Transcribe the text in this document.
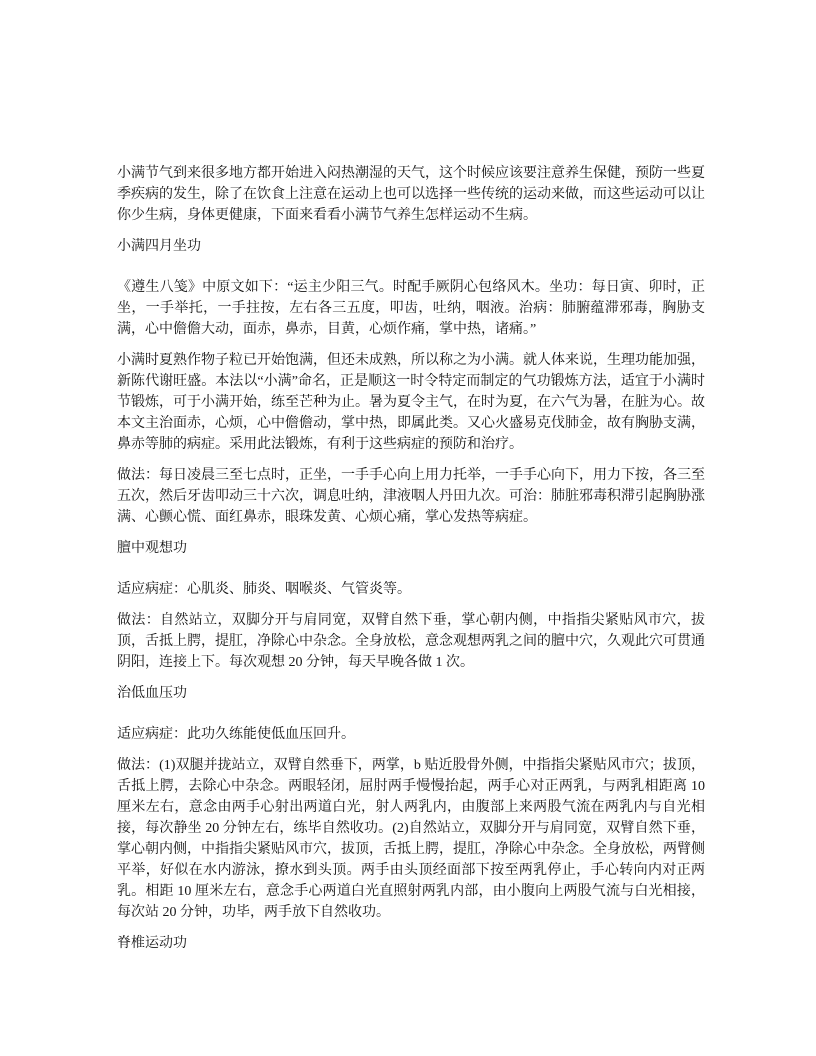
小满节气到来很多地方都开始进入闷热潮湿的天气，这个时候应该要注意养生保健，预防一些夏季疾病的发生，除了在饮食上注意在运动上也可以选择一些传统的运动来做，而这些运动可以让你少生病，身体更健康，下面来看看小满节气养生怎样运动不生病。

小满四月坐功

《遵生八笺》中原文如下：“运主少阳三气。时配手厥阴心包络风木。坐功：每日寅、卯时，正坐，一手举托，一手拄按，左右各三五度，叩齿，吐纳，咽液。治病：肺腑蕴滞邪毒，胸胁支满，心中儋儋大动，面赤，鼻赤，目黄，心烦作痛，掌中热，诸痛。”

小满时夏熟作物子粒已开始饱满，但还未成熟，所以称之为小满。就人体来说，生理功能加强，新陈代谢旺盛。本法以“小满”命名，正是顺这一时令特定而制定的气功锻炼方法，适宜于小满时节锻炼，可于小满开始，练至芒种为止。暑为夏令主气，在时为夏，在六气为暑，在脏为心。故本文主治面赤，心烦，心中儋儋动，掌中热，即属此类。又心火盛易克伐肺金，故有胸胁支满，鼻赤等肺的病症。采用此法锻炼，有利于这些病症的预防和治疗。

做法：每日凌晨三至七点时，正坐，一手手心向上用力托举，一手手心向下，用力下按，各三至五次，然后牙齿叩动三十六次，调息吐纳，津液咽人丹田九次。可治：肺脏邪毒积滞引起胸胁涨满、心颤心慌、面红鼻赤，眼珠发黄、心烦心痛，掌心发热等病症。

膻中观想功

适应病症：心肌炎、肺炎、咽喉炎、气管炎等。

做法：自然站立，双脚分开与肩同宽，双臂自然下垂，掌心朝内侧，中指指尖紧贴风市穴，拔顶，舌抵上腭，提肛，净除心中杂念。全身放松，意念观想两乳之间的膻中穴，久观此穴可贯通阴阳，连接上下。每次观想 20 分钟，每天早晚各做 1 次。

治低血压功

适应病症：此功久练能使低血压回升。

做法：(1)双腿并拢站立，双臂自然垂下，两掌，b 贴近股骨外侧，中指指尖紧贴风市穴；拔顶，舌抵上腭，去除心中杂念。两眼轻闭，屈肘两手慢慢抬起，两手心对正两乳，与两乳相距离 10 厘米左右，意念由两手心射出两道白光，射人两乳内，由腹部上来两股气流在两乳内与自光相接，每次静坐 20 分钟左右，练毕自然收功。(2)自然站立，双脚分开与肩同宽，双臂自然下垂，掌心朝内侧，中指指尖紧贴风市穴，拔顶，舌抵上腭，提肛，净除心中杂念。全身放松，两臂侧平举，好似在水内游泳，撩水到头顶。两手由头顶经面部下按至两乳停止，手心转向内对正两乳。相距 10 厘米左右，意念手心两道白光直照射两乳内部，由小腹向上两股气流与白光相接，每次站 20 分钟，功毕，两手放下自然收功。

脊椎运动功
